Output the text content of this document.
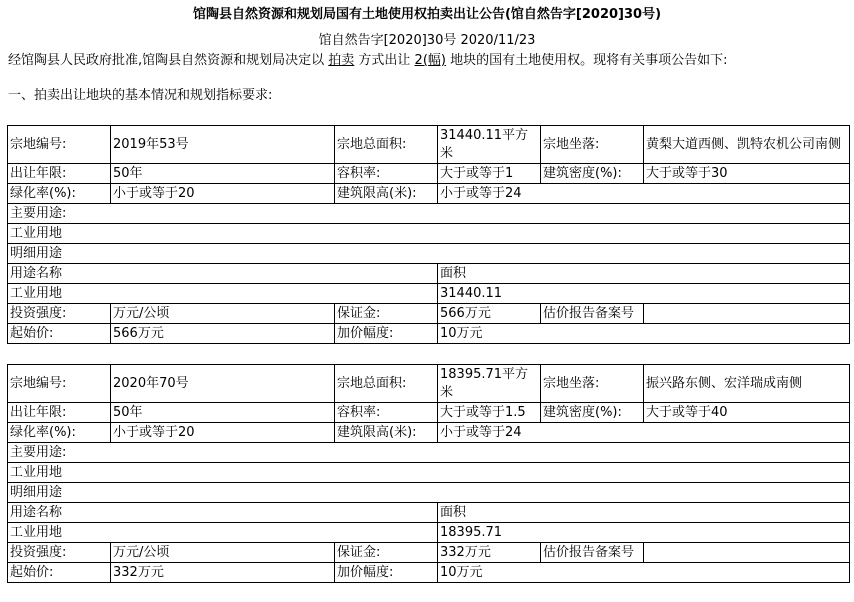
馆陶县自然资源和规划局国有土地使用权拍卖出让公告(馆自然告字[2020]30号)
馆自然告字[2020]30号 2020/11/23
经馆陶县人民政府批准,馆陶县自然资源和规划局决定以 拍卖 方式出让 2(幅) 地块的国有土地使用权。现将有关事项公告如下:
一、拍卖出让地块的基本情况和规划指标要求:
宗地编号:	2019年53号	宗地总面积:	31440.11平方米	宗地坐落:	黄梨大道西侧、凯特农机公司南侧
出让年限:	50年	容积率:	大于或等于1	建筑密度(%):	大于或等于30
绿化率(%):	小于或等于20	建筑限高(米):	小于或等于24		
主要用途:					
工业用地					
明细用途					
用途名称			面积		
工业用地			31440.11		
投资强度:	万元/公顷	保证金:	566万元	估价报告备案号	
起始价:	566万元	加价幅度:	10万元		
宗地编号:	2020年70号	宗地总面积:	18395.71平方米	宗地坐落:	振兴路东侧、宏洋瑞成南侧
出让年限:	50年	容积率:	大于或等于1.5	建筑密度(%):	大于或等于40
绿化率(%):	小于或等于20	建筑限高(米):	小于或等于24		
主要用途:					
工业用地					
明细用途					
用途名称			面积		
工业用地			18395.71		
投资强度:	万元/公顷	保证金:	332万元	估价报告备案号	
起始价:	332万元	加价幅度:	10万元		
